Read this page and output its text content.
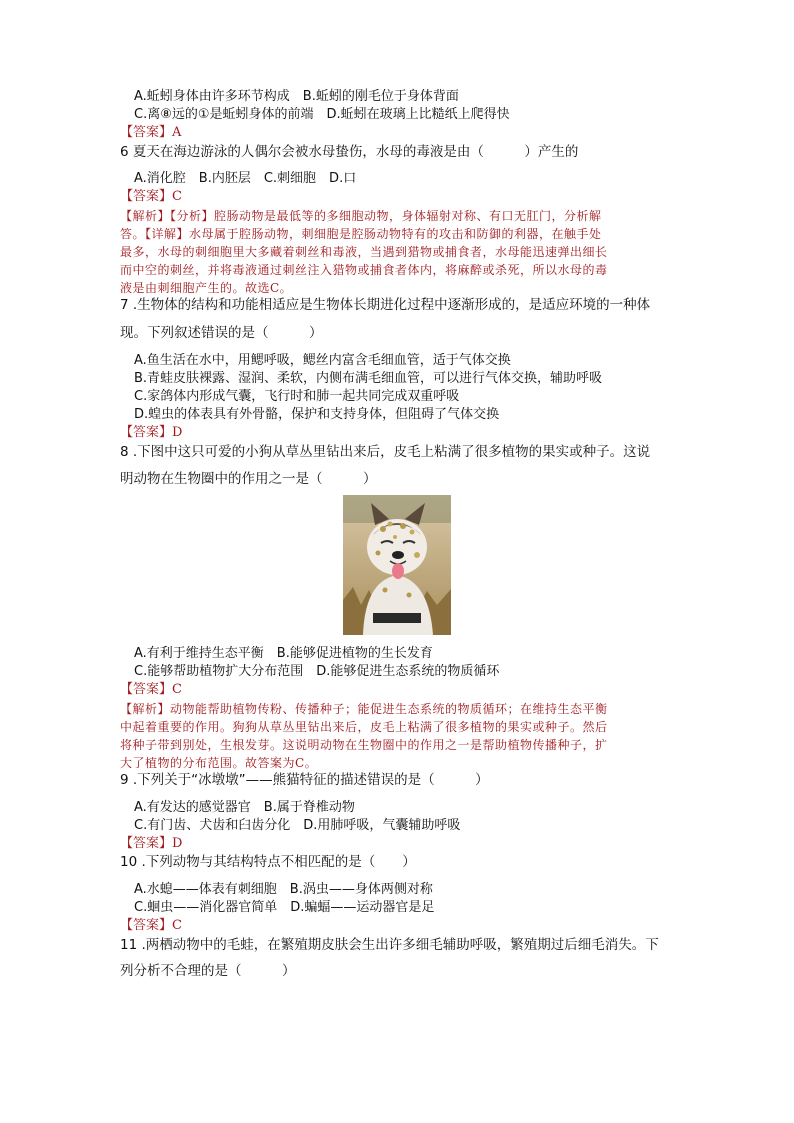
A.蚯蚓身体由许多环节构成　B.蚯蚓的刚毛位于身体背面
C.离⑧远的①是蚯蚓身体的前端　D.蚯蚓在玻璃上比糙纸上爬得快
【答案】A
6 夏天在海边游泳的人偶尔会被水母蛰伤，水母的毒液是由（　　　）产生的
A.消化腔　B.内胚层　C.刺细胞　D.口
【答案】C
【解析】【分析】腔肠动物是最低等的多细胞动物，身体辐射对称、有口无肛门，分析解
答。【详解】水母属于腔肠动物，刺细胞是腔肠动物特有的攻击和防御的利器，在触手处
最多，水母的刺细胞里大多藏着刺丝和毒液，当遇到猎物或捕食者，水母能迅速弹出细长
而中空的刺丝，并将毒液通过刺丝注入猎物或捕食者体内，将麻醉或杀死，所以水母的毒
液是由刺细胞产生的。故选C。
7 .生物体的结构和功能相适应是生物体长期进化过程中逐渐形成的，是适应环境的一种体
现。下列叙述错误的是（　　　）
A.鱼生活在水中，用鳃呼吸，鳃丝内富含毛细血管，适于气体交换
B.青蛙皮肤裸露、湿润、柔软，内侧布满毛细血管，可以进行气体交换，辅助呼吸
C.家鸽体内形成气囊，飞行时和肺一起共同完成双重呼吸
D.蝗虫的体表具有外骨骼，保护和支持身体，但阻碍了气体交换
【答案】D
8 .下图中这只可爱的小狗从草丛里钻出来后，皮毛上粘满了很多植物的果实或种子。这说
明动物在生物圈中的作用之一是（　　　）
A.有利于维持生态平衡　B.能够促进植物的生长发育
C.能够帮助植物扩大分布范围　D.能够促进生态系统的物质循环
【答案】C
【解析】动物能帮助植物传粉、传播种子；能促进生态系统的物质循环；在维持生态平衡
中起着重要的作用。狗狗从草丛里钻出来后，皮毛上粘满了很多植物的果实或种子。然后
将种子带到别处，生根发芽。这说明动物在生物圈中的作用之一是帮助植物传播种子，扩
大了植物的分布范围。故答案为C。
9 .下列关于“冰墩墩”——熊猫特征的描述错误的是（　　　）
A.有发达的感觉器官　B.属于脊椎动物
C.有门齿、犬齿和臼齿分化　D.用肺呼吸，气囊辅助呼吸
【答案】D
10 .下列动物与其结构特点不相匹配的是（　　）
A.水螅——体表有刺细胞　B.涡虫——身体两侧对称
C.蛔虫——消化器官简单　D.蝙蝠——运动器官是足
【答案】C
11 .两栖动物中的毛蛙，在繁殖期皮肤会生出许多细毛辅助呼吸，繁殖期过后细毛消失。下
列分析不合理的是（　　　）
